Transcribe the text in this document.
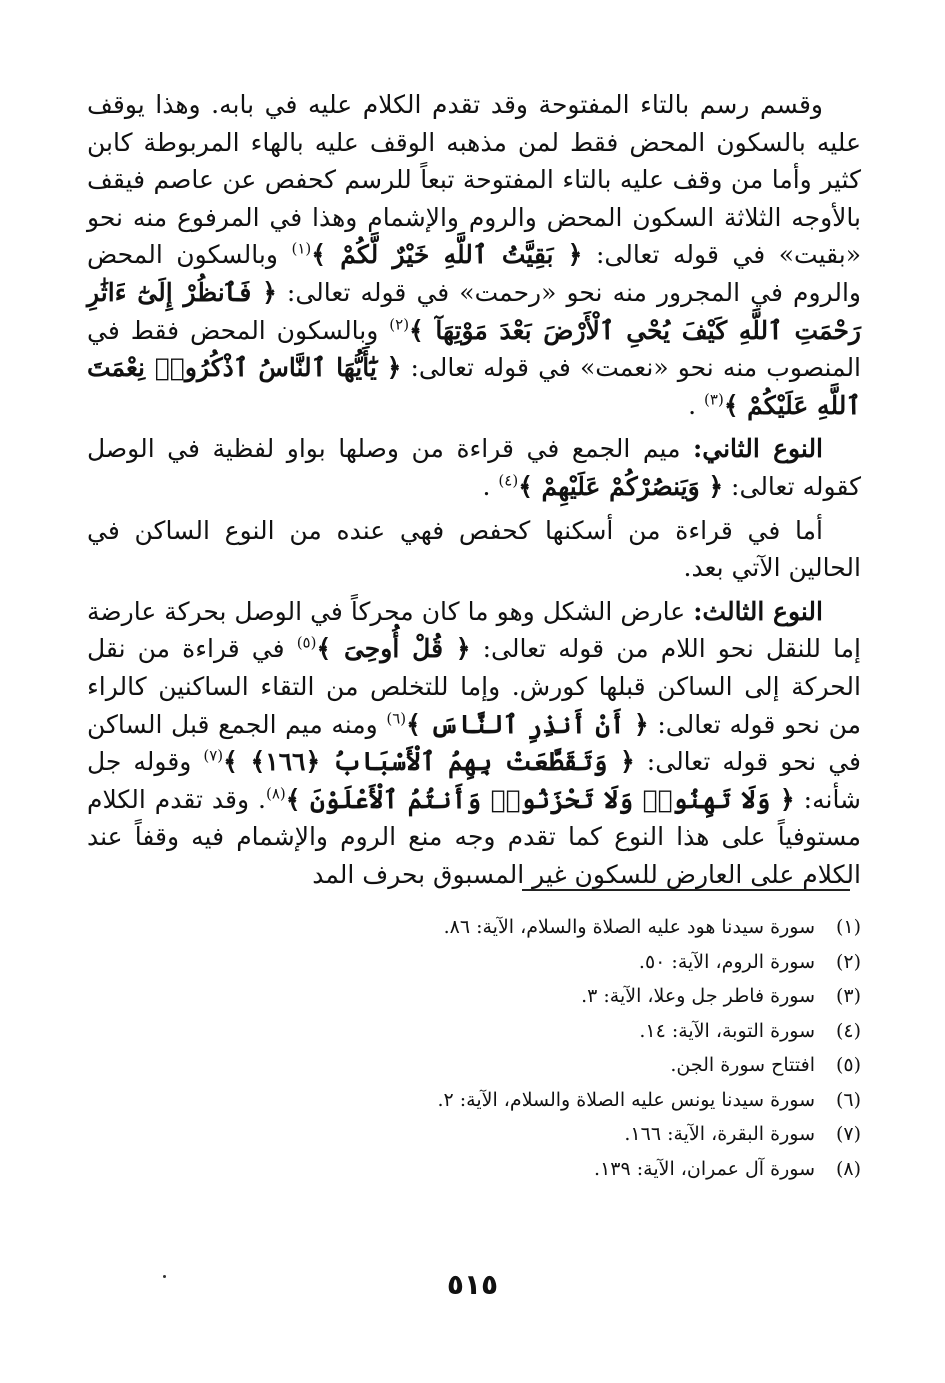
وقسم رسم بالتاء المفتوحة وقد تقدم الكلام عليه في بابه. وهذا يوقف عليه بالسكون المحض فقط لمن مذهبه الوقف عليه بالهاء المربوطة كابن كثير وأما من وقف عليه بالتاء المفتوحة تبعاً للرسم كحفص عن عاصم فيقف بالأوجه الثلاثة السكون المحض والروم والإشمام وهذا في المرفوع منه نحو «بقيت» في قوله تعالى: ﴿ بَقِيَّتُ ٱللَّهِ خَيْرٌ لَّكُمْ ﴾$^{(١)}$ وبالسكون المحض والروم في المجرور منه نحو «رحمت» في قوله تعالى: ﴿ فَٱنظُرْ إِلَىٰٓ ءَاثَٰرِ رَحْمَتِ ٱللَّهِ كَيْفَ يُحْىِ ٱلْأَرْضَ بَعْدَ مَوْتِهَآ ﴾$^{(٢)}$ وبالسكون المحض فقط في المنصوب منه نحو «نعمت» في قوله تعالى: ﴿ يَٰٓأَيُّهَا ٱلنَّاسُ ٱذْكُرُوا۟ نِعْمَتَ ٱللَّهِ عَلَيْكُمْ ﴾$^{(٣)}$ .

النوع الثاني: ميم الجمع في قراءة من وصلها بواو لفظية في الوصل كقوله تعالى: ﴿ وَيَنصُرْكُمْ عَلَيْهِمْ ﴾$^{(٤)}$ .

أما في قراءة من أسكنها كحفص فهي عنده من النوع الساكن في الحالين الآتي بعد.

النوع الثالث: عارض الشكل وهو ما كان محركاً في الوصل بحركة عارضة إما للنقل نحو اللام من قوله تعالى: ﴿ قُلْ أُوحِىَ ﴾$^{(٥)}$ في قراءة من نقل الحركة إلى الساكن قبلها كورش. وإما للتخلص من التقاء الساكنين كالراء من نحو قوله تعالى: ﴿ أَنْ أَنذِرِ ٱلنَّاسَ ﴾$^{(٦)}$ ومنه ميم الجمع قبل الساكن في نحو قوله تعالى: ﴿ وَتَقَطَّعَتْ بِهِمُ ٱلْأَسْبَابُ ﴿١٦٦﴾ ﴾$^{(٧)}$ وقوله جل شأنه: ﴿ وَلَا تَهِنُوا۟ وَلَا تَحْزَنُوا۟ وَأَنتُمُ ٱلْأَعْلَوْنَ ﴾$^{(٨)}$. وقد تقدم الكلام مستوفياً على هذا النوع كما تقدم وجه منع الروم والإشمام فيه وقفاً عند الكلام على العارض للسكون غير المسبوق بحرف المد

(١)
سورة سيدنا هود عليه الصلاة والسلام، الآية: ٨٦.
(٢)
سورة الروم، الآية: ٥٠.
(٣)
سورة فاطر جل وعلا، الآية: ٣.
(٤)
سورة التوبة، الآية: ١٤.
(٥)
افتتاح سورة الجن.
(٦)
سورة سيدنا يونس عليه الصلاة والسلام، الآية: ٢.
(٧)
سورة البقرة، الآية: ١٦٦.
(٨)
سورة آل عمران، الآية: ١٣٩.
٥١٥
